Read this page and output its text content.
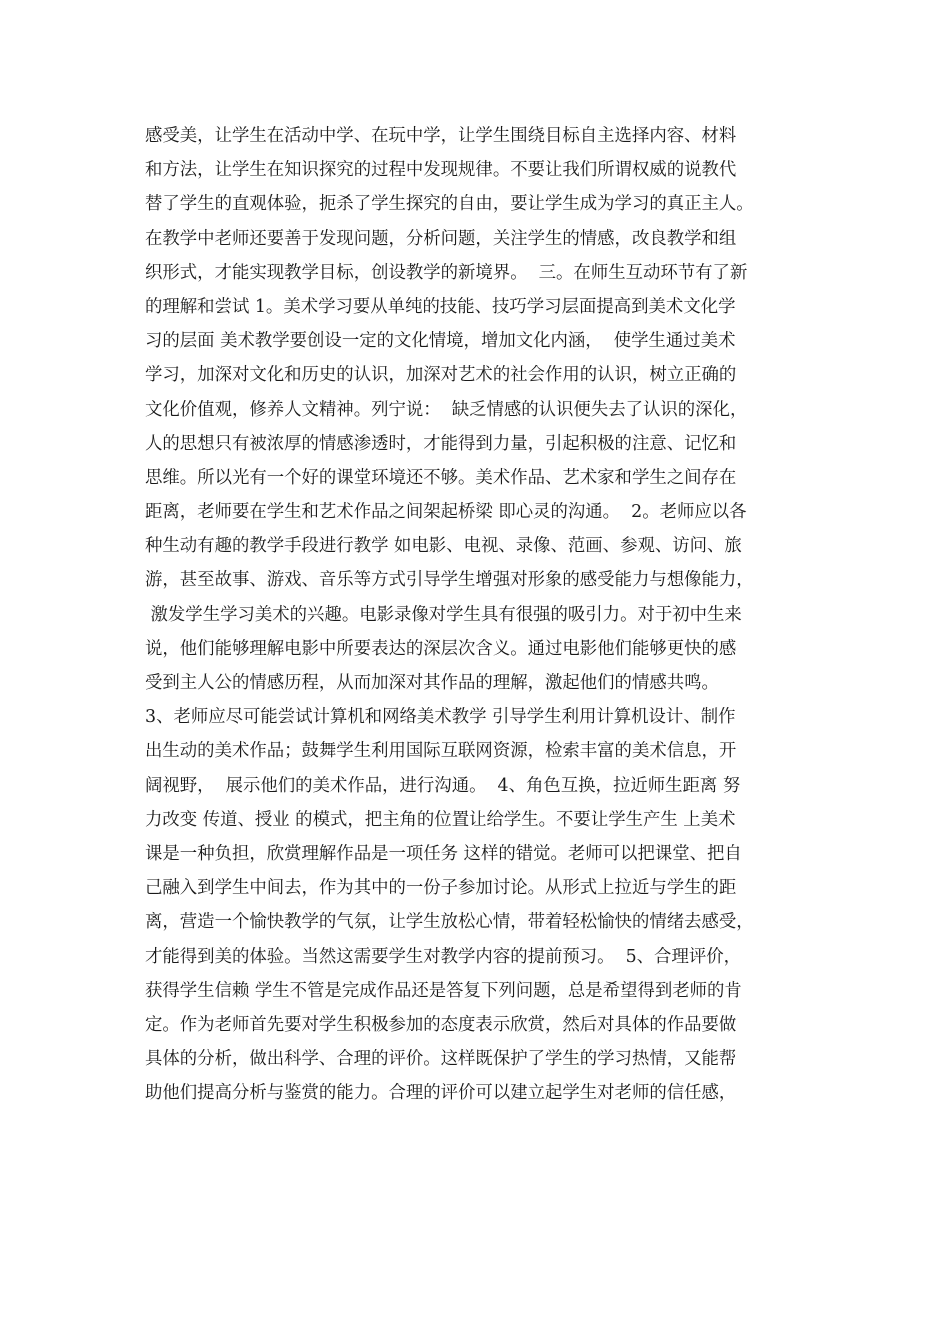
感受美，让学生在活动中学、在玩中学，让学生围绕目标自主选择内容、材料
和方法，让学生在知识探究的过程中发现规律。不要让我们所谓权威的说教代
替了学生的直观体验，扼杀了学生探究的自由，要让学生成为学习的真正主人。
在教学中老师还要善于发现问题，分析问题，关注学生的情感，改良教学和组
织形式，才能实现教学目标，创设教学的新境界。  三。在师生互动环节有了新
的理解和尝试 1。美术学习要从单纯的技能、技巧学习层面提高到美术文化学
习的层面 美术教学要创设一定的文化情境，增加文化内涵，  使学生通过美术
学习，加深对文化和历史的认识，加深对艺术的社会作用的认识，树立正确的
文化价值观，修养人文精神。列宁说：  缺乏情感的认识便失去了认识的深化，
人的思想只有被浓厚的情感渗透时，才能得到力量，引起积极的注意、记忆和
思维。所以光有一个好的课堂环境还不够。美术作品、艺术家和学生之间存在
距离，老师要在学生和艺术作品之间架起桥梁 即心灵的沟通。  2。老师应以各
种生动有趣的教学手段进行教学 如电影、电视、录像、范画、参观、访问、旅
游，甚至故事、游戏、音乐等方式引导学生增强对形象的感受能力与想像能力，
激发学生学习美术的兴趣。电影录像对学生具有很强的吸引力。对于初中生来
说，他们能够理解电影中所要表达的深层次含义。通过电影他们能够更快的感
受到主人公的情感历程，从而加深对其作品的理解，激起他们的情感共鸣。
3、老师应尽可能尝试计算机和网络美术教学 引导学生利用计算机设计、制作
出生动的美术作品；鼓舞学生利用国际互联网资源，检索丰富的美术信息，开
阔视野，  展示他们的美术作品，进行沟通。  4、角色互换，拉近师生距离 努
力改变 传道、授业 的模式，把主角的位置让给学生。不要让学生产生 上美术
课是一种负担，欣赏理解作品是一项任务 这样的错觉。老师可以把课堂、把自
己融入到学生中间去，作为其中的一份子参加讨论。从形式上拉近与学生的距
离，营造一个愉快教学的气氛，让学生放松心情，带着轻松愉快的情绪去感受，
才能得到美的体验。当然这需要学生对教学内容的提前预习。  5、合理评价，
获得学生信赖 学生不管是完成作品还是答复下列问题，总是希望得到老师的肯
定。作为老师首先要对学生积极参加的态度表示欣赏，然后对具体的作品要做
具体的分析，做出科学、合理的评价。这样既保护了学生的学习热情，又能帮
助他们提高分析与鉴赏的能力。合理的评价可以建立起学生对老师的信任感，
